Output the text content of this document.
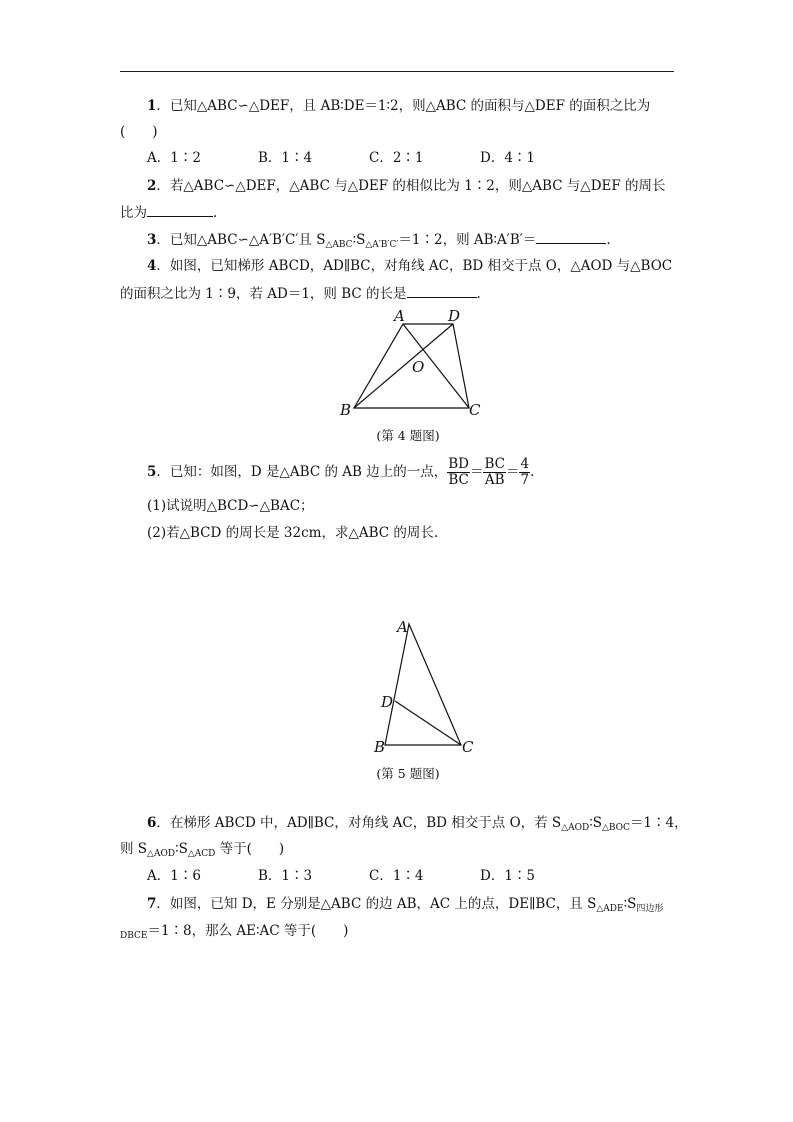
1．已知△ABC∽△DEF，且 AB∶DE＝1∶2，则△ABC 的面积与△DEF 的面积之比为
(　　)
A．1∶2	B．1∶4	C．2∶1	D．4∶1
2．若△ABC∽△DEF，△ABC 与△DEF 的相似比为 1∶2，则△ABC 与△DEF 的周长
比为	.
3．已知△ABC∽△A′B′C′且 $S_{\triangle ABC}∶S_{\triangle A'B'C'}=1∶2$，则 AB∶A′B′＝	.
4．如图，已知梯形 ABCD，AD∥BC，对角线 AC，BD 相交于点 O，△AOD 与△BOC
的面积之比为 1∶9，若 AD＝1，则 BC 的长是	.
A	D
O
B	C
(第 4 题图)
5．已知：如图，D 是△ABC 的 AB 边上的一点， $\frac{BD}{BC} = \frac{BC}{AB} = \frac{4}{7}$ .
(1)试说明△BCD∽△BAC；
(2)若△BCD 的周长是 32cm，求△ABC 的周长.
A
D
B	C
(第 5 题图)
6．在梯形 ABCD 中，AD∥BC，对角线 AC，BD 相交于点 O，若 $S_{\triangle AOD}∶S_{\triangle BOC}=1∶4$，
则 $S_{\triangle AOD}∶S_{\triangle ACD}$ 等于(　　)
A．1∶6	B．1∶3	C．1∶4	D．1∶5
7．如图，已知 D，E 分别是△ABC 的边 AB，AC 上的点，DE∥BC，且 $S_{\triangle ADE}∶S_{四边形}$
$_{DBCE}$＝1∶8，那么 AE∶AC 等于(　　)
